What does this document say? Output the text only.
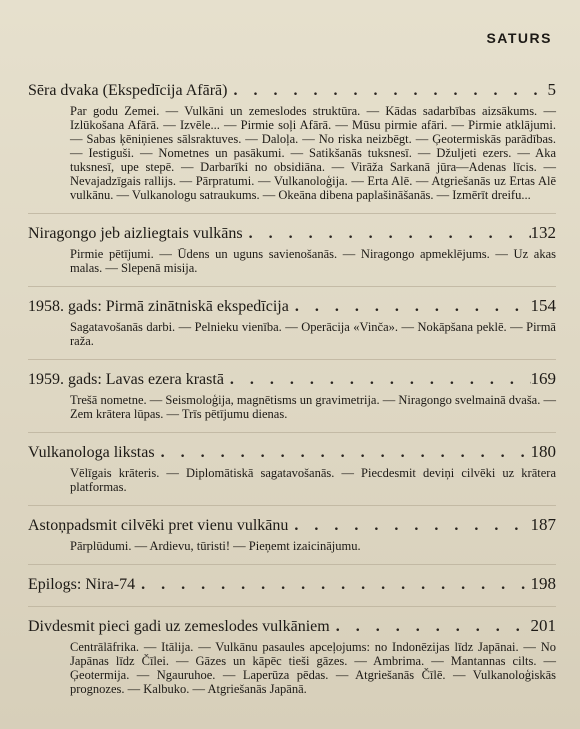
SATURS
Sēra dvaka (Ekspedīcija Afārā) . . .	5
Par godu Zemei. — Vulkāni un zemeslodes struktūra. — Kādas sadarbības aizsākums. — Izlūkošana Afārā. — Izvēle... — Pirmie soļi Afārā. — Mūsu pirmie afāri. — Pirmie atklājumi. — Sabas ķēniņienes sālsraktuves. — Daloļa. — No riska neizbēgt. — Ģeotermiskās parādības. — Iestiguši. — Nometnes un pasākumi. — Satikšanās tuksnesī. — Džuljeti ezers. — Aka tuksnesī, upe stepē. — Darbarīki no obsidiāna. — Virāža Sarkanā jūra—Adenas līcis. — Nevajadzīgais rallijs. — Pārpratumi. — Vulkanoloģija. — Erta Alē. — Atgriešanās uz Ertas Alē vulkānu. — Vulkanologu satraukums. — Okeāna dibena paplašināšanās. — Izmērīt dreifu...
Niragongo jeb aizliegtais vulkāns . . .	132
Pirmie pētījumi. — Ūdens un uguns savienošanās. — Niragongo apmeklējums. — Uz akas malas. — Slepenā misija.
1958. gads: Pirmā zinātniskā ekspedīcija . . .	154
Sagatavošanās darbi. — Pelnieku vienība. — Operācija «Vinča». — Nokāpšana peklē. — Pirmā raža.
1959. gads: Lavas ezera krastā . . .	169
Trešā nometne. — Seismoloģija, magnētisms un gravimetrija. — Niragongo svelmainā dvaša. — Zem krātera lūpas. — Trīs pētījumu dienas.
Vulkanologa likstas . . .	180
Vēlīgais krāteris. — Diplomātiskā sagatavošanās. — Piecdesmit deviņi cilvēki uz krātera platformas.
Astoņpadsmit cilvēki pret vienu vulkānu . . .	187
Pārplūdumi. — Ardievu, tūristi! — Pieņemt izaicinājumu.
Epilogs: Nira-74 . . .	198
Divdesmit pieci gadi uz zemeslodes vulkāniem . . .	201
Centrālāfrika. — Itālija. — Vulkānu pasaules apceļojums: no Indonēzijas līdz Japānai. — No Japānas līdz Čīlei. — Gāzes un kāpēc tieši gāzes. — Ambrima. — Mantannas cilts. — Ģeotermija. — Ngauruhoe. — Laperūza pēdas. — Atgriešanās Čīlē. — Vulkanoloģiskās prognozes. — Kalbuko. — Atgriešanās Japānā.
